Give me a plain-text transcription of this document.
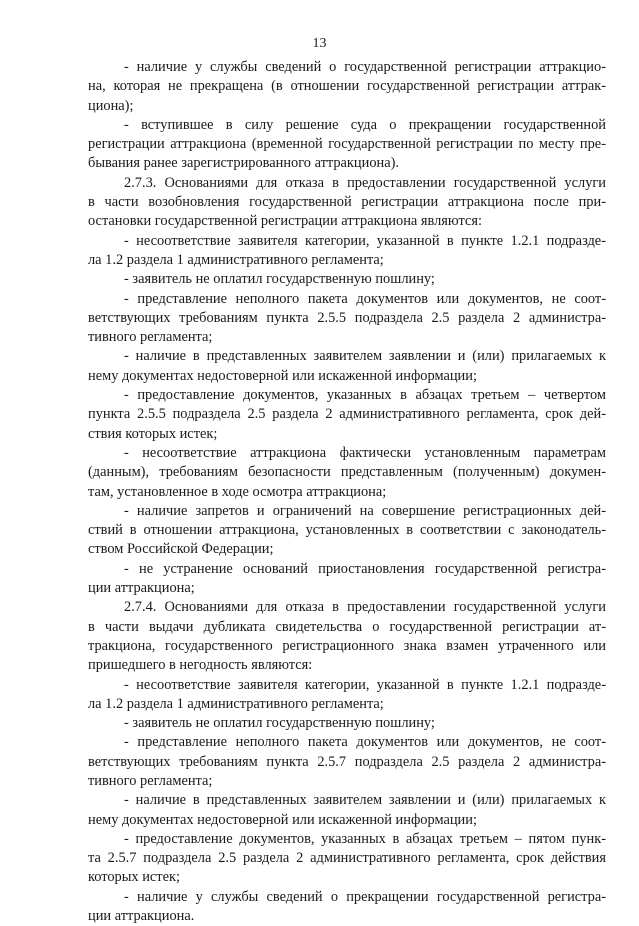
13
- наличие у службы сведений о государственной регистрации аттракцио-
на, которая не прекращена (в отношении государственной регистрации аттрак-
циона);
- вступившее в силу решение суда о прекращении государственной
регистрации аттракциона (временной государственной регистрации по месту пре-
бывания ранее зарегистрированного аттракциона).
2.7.3. Основаниями для отказа в предоставлении государственной услуги
в части возобновления государственной регистрации аттракциона после при-
остановки государственной регистрации аттракциона являются:
- несоответствие заявителя категории, указанной в пункте 1.2.1 подразде-
ла 1.2 раздела 1 административного регламента;
- заявитель не оплатил государственную пошлину;
- представление неполного пакета документов или документов, не соот-
ветствующих требованиям пункта 2.5.5 подраздела 2.5 раздела 2 администра-
тивного регламента;
- наличие в представленных заявителем заявлении и (или) прилагаемых к
нему документах недостоверной или искаженной информации;
- предоставление документов, указанных в абзацах третьем – четвертом
пункта 2.5.5 подраздела 2.5 раздела 2 административного регламента, срок дей-
ствия которых истек;
- несоответствие аттракциона фактически установленным параметрам
(данным), требованиям безопасности представленным (полученным) докумен-
там, установленное в ходе осмотра аттракциона;
- наличие запретов и ограничений на совершение регистрационных дей-
ствий в отношении аттракциона, установленных в соответствии с законодатель-
ством Российской Федерации;
- не устранение оснований приостановления государственной регистра-
ции аттракциона;
2.7.4. Основаниями для отказа в предоставлении государственной услуги
в части выдачи дубликата свидетельства о государственной регистрации ат-
тракциона, государственного регистрационного знака взамен утраченного или
пришедшего в негодность являются:
- несоответствие заявителя категории, указанной в пункте 1.2.1 подразде-
ла 1.2 раздела 1 административного регламента;
- заявитель не оплатил государственную пошлину;
- представление неполного пакета документов или документов, не соот-
ветствующих требованиям пункта 2.5.7 подраздела 2.5 раздела 2 администра-
тивного регламента;
- наличие в представленных заявителем заявлении и (или) прилагаемых к
нему документах недостоверной или искаженной информации;
- предоставление документов, указанных в абзацах третьем – пятом пунк-
та 2.5.7 подраздела 2.5 раздела 2 административного регламента, срок действия
которых истек;
- наличие у службы сведений о прекращении государственной регистра-
ции аттракциона.
